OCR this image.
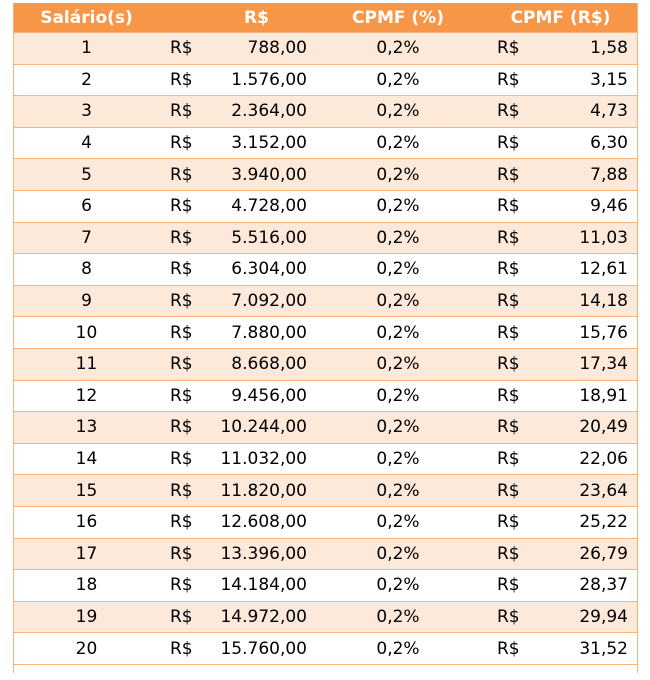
Salário(s)	R$	CPMF (%)	CPMF (R$)
1	R$ 788,00	0,2%	R$ 1,58

2	R$ 1.576,00	0,2%	R$ 3,15

3	R$ 2.364,00	0,2%	R$ 4,73

4	R$ 3.152,00	0,2%	R$ 6,30

5	R$ 3.940,00	0,2%	R$ 7,88

6	R$ 4.728,00	0,2%	R$ 9,46

7	R$ 5.516,00	0,2%	R$ 11,03

8	R$ 6.304,00	0,2%	R$ 12,61

9	R$ 7.092,00	0,2%	R$ 14,18

10	R$ 7.880,00	0,2%	R$ 15,76

11	R$ 8.668,00	0,2%	R$ 17,34

12	R$ 9.456,00	0,2%	R$ 18,91

13	R$ 10.244,00	0,2%	R$ 20,49

14	R$ 11.032,00	0,2%	R$ 22,06

15	R$ 11.820,00	0,2%	R$ 23,64

16	R$ 12.608,00	0,2%	R$ 25,22

17	R$ 13.396,00	0,2%	R$ 26,79

18	R$ 14.184,00	0,2%	R$ 28,37

19	R$ 14.972,00	0,2%	R$ 29,94

20	R$ 15.760,00	0,2%	R$ 31,52
